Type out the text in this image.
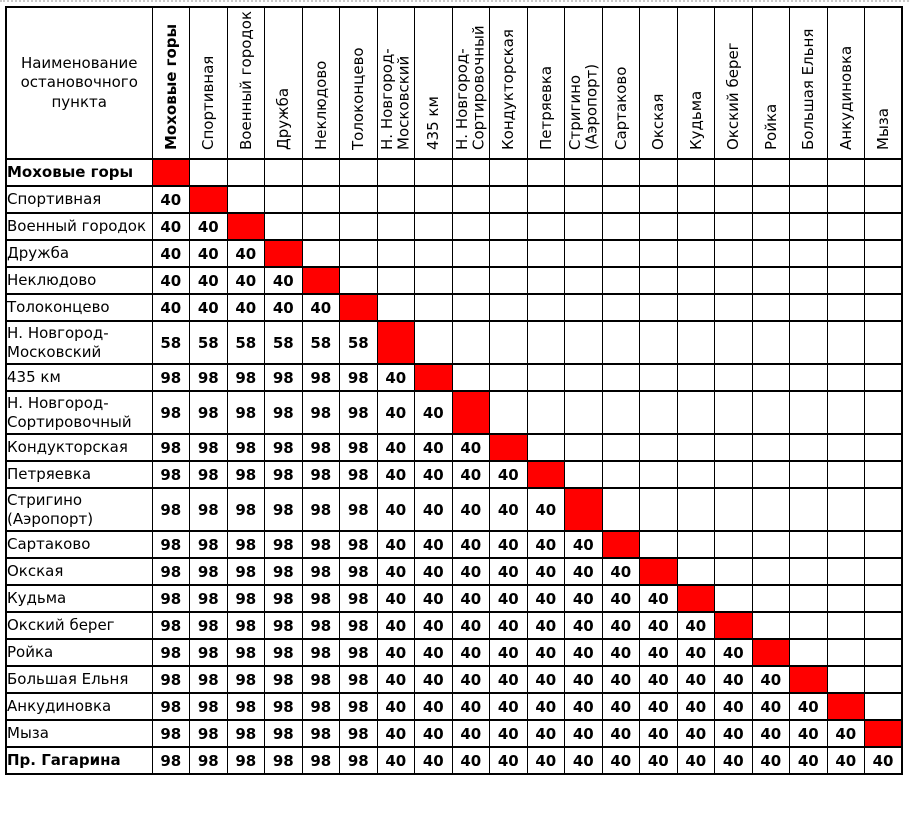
Наименование остановочного пункта	Моховые горы	Спортивная	Военный городок	Дружба	Неклюдово	Толоконцево	Н. Новгород-Московский	435 км	Н. Новгород-Сортировочный	Кондукторская	Петряевка	Стригино (Аэропорт)	Сартаково	Окская	Кудьма	Окский берег	Ройка	Большая Ельня	Анкудиновка	Мыза
Моховые горы																				
Спортивная	40																			
Военный городок	40	40																		
Дружба	40	40	40																	
Неклюдово	40	40	40	40																
Толоконцево	40	40	40	40	40															
Н. Новгород-Московский	58	58	58	58	58	58														
435 км	98	98	98	98	98	98	40													
Н. Новгород-Сортировочный	98	98	98	98	98	98	40	40												
Кондукторская	98	98	98	98	98	98	40	40	40											
Петряевка	98	98	98	98	98	98	40	40	40	40										
Стригино (Аэропорт)	98	98	98	98	98	98	40	40	40	40	40									
Сартаково	98	98	98	98	98	98	40	40	40	40	40	40								
Окская	98	98	98	98	98	98	40	40	40	40	40	40	40							
Кудьма	98	98	98	98	98	98	40	40	40	40	40	40	40	40						
Окский берег	98	98	98	98	98	98	40	40	40	40	40	40	40	40	40					
Ройка	98	98	98	98	98	98	40	40	40	40	40	40	40	40	40	40				
Большая Ельня	98	98	98	98	98	98	40	40	40	40	40	40	40	40	40	40	40			
Анкудиновка	98	98	98	98	98	98	40	40	40	40	40	40	40	40	40	40	40	40		
Мыза	98	98	98	98	98	98	40	40	40	40	40	40	40	40	40	40	40	40	40	
Пр. Гагарина	98	98	98	98	98	98	40	40	40	40	40	40	40	40	40	40	40	40	40	40
